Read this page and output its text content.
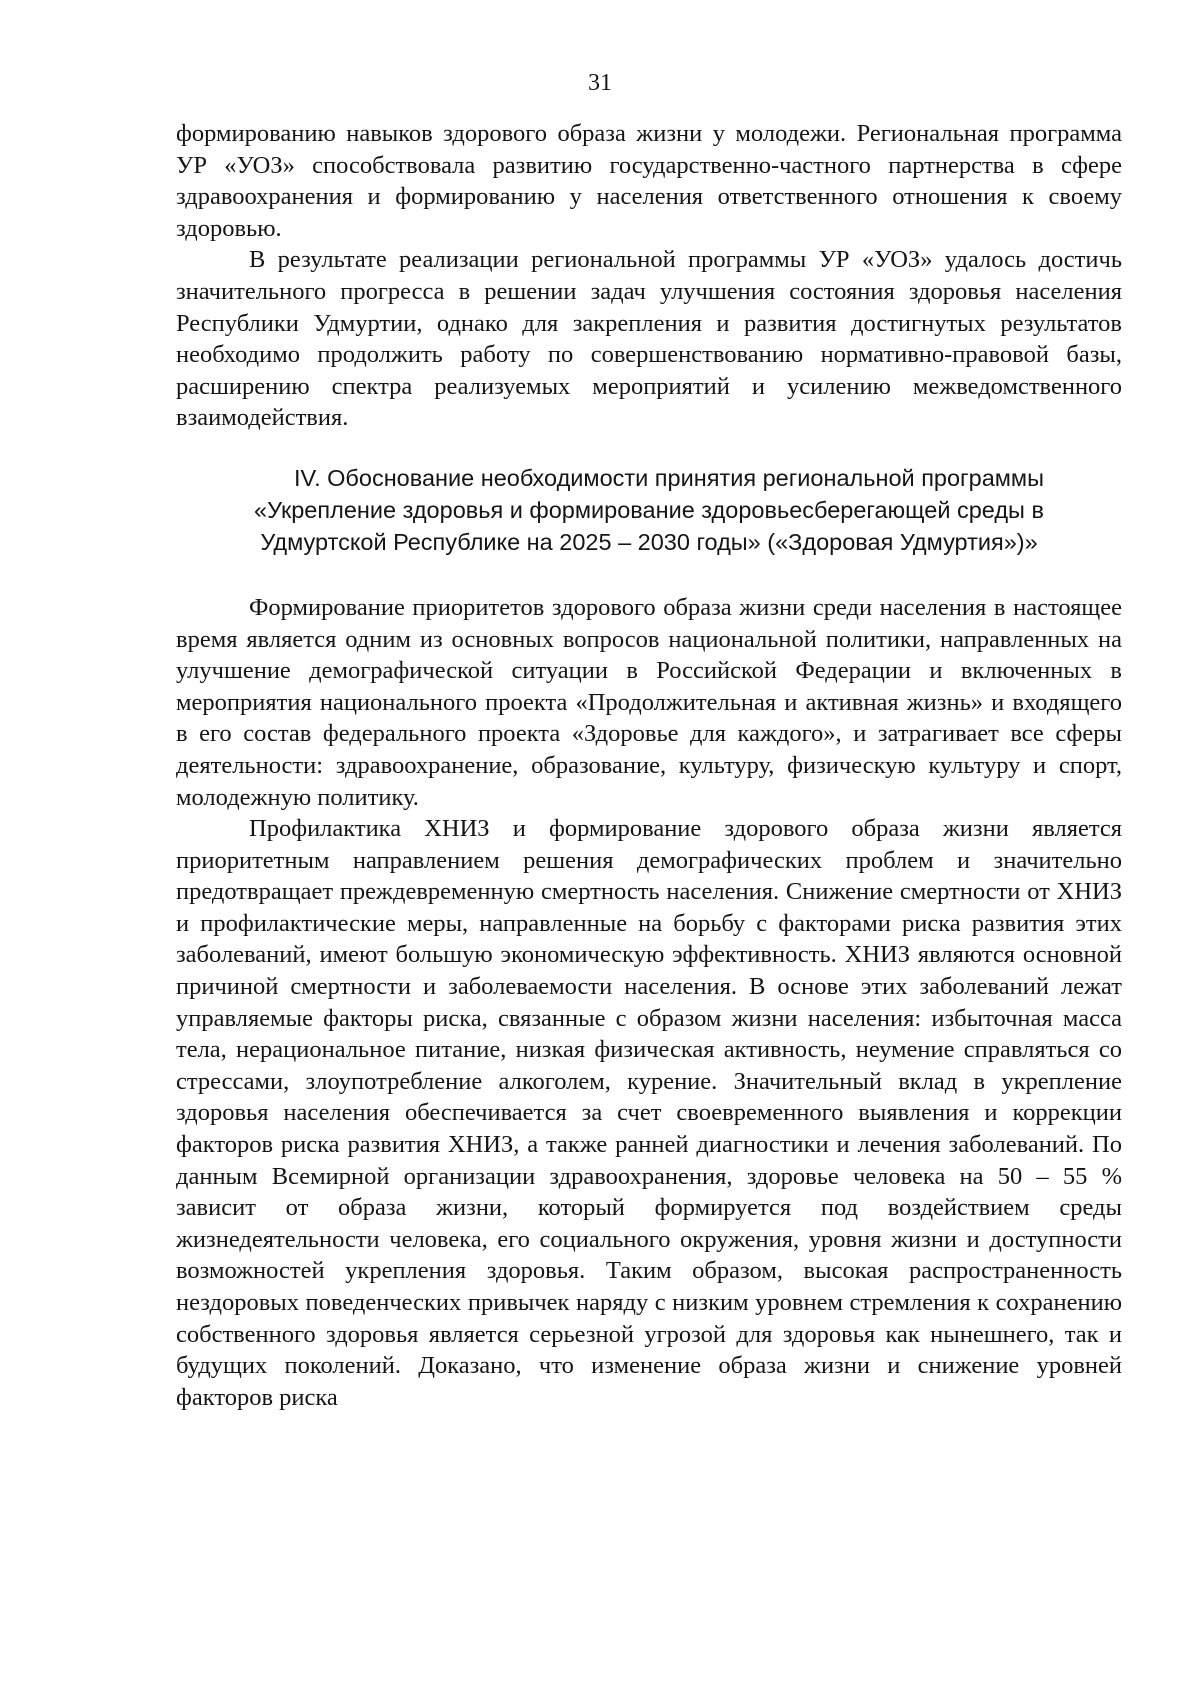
31

формированию навыков здорового образа жизни у молодежи. Региональная программа УР «УОЗ» способствовала развитию государственно-частного партнерства в сфере здравоохранения и формированию у населения ответственного отношения к своему здоровью.

В результате реализации региональной программы УР «УОЗ» удалось достичь значительного прогресса в решении задач улучшения состояния здоровья населения Республики Удмуртии, однако для закрепления и развития достигнутых результатов необходимо продолжить работу по совершенствованию нормативно-правовой базы, расширению спектра реализуемых мероприятий и усилению межведомственного взаимодействия.

IV. Обоснование необходимости принятия региональной программы
«Укрепление здоровья и формирование здоровьесберегающей среды в
Удмуртской Республике на 2025 – 2030 годы» («Здоровая Удмуртия»)»

Формирование приоритетов здорового образа жизни среди населения в настоящее время является одним из основных вопросов национальной политики, направленных на улучшение демографической ситуации в Российской Федерации и включенных в мероприятия национального проекта «Продолжительная и активная жизнь» и входящего в его состав федерального проекта «Здоровье для каждого», и затрагивает все сферы деятельности: здравоохранение, образование, культуру, физическую культуру и спорт, молодежную политику.

Профилактика ХНИЗ и формирование здорового образа жизни является приоритетным направлением решения демографических проблем и значительно предотвращает преждевременную смертность населения. Снижение смертности от ХНИЗ и профилактические меры, направленные на борьбу с факторами риска развития этих заболеваний, имеют большую экономическую эффективность. ХНИЗ являются основной причиной смертности и заболеваемости населения. В основе этих заболеваний лежат управляемые факторы риска, связанные с образом жизни населения: избыточная масса тела, нерациональное питание, низкая физическая активность, неумение справляться со стрессами, злоупотребление алкоголем, курение. Значительный вклад в укрепление здоровья населения обеспечивается за счет своевременного выявления и коррекции факторов риска развития ХНИЗ, а также ранней диагностики и лечения заболеваний. По данным Всемирной организации здравоохранения, здоровье человека на 50 – 55 % зависит от образа жизни, который формируется под воздействием среды жизнедеятельности человека, его социального окружения, уровня жизни и доступности возможностей укрепления здоровья. Таким образом, высокая распространенность нездоровых поведенческих привычек наряду с низким уровнем стремления к сохранению собственного здоровья является серьезной угрозой для здоровья как нынешнего, так и будущих поколений. Доказано, что изменение образа жизни и снижение уровней факторов риска
